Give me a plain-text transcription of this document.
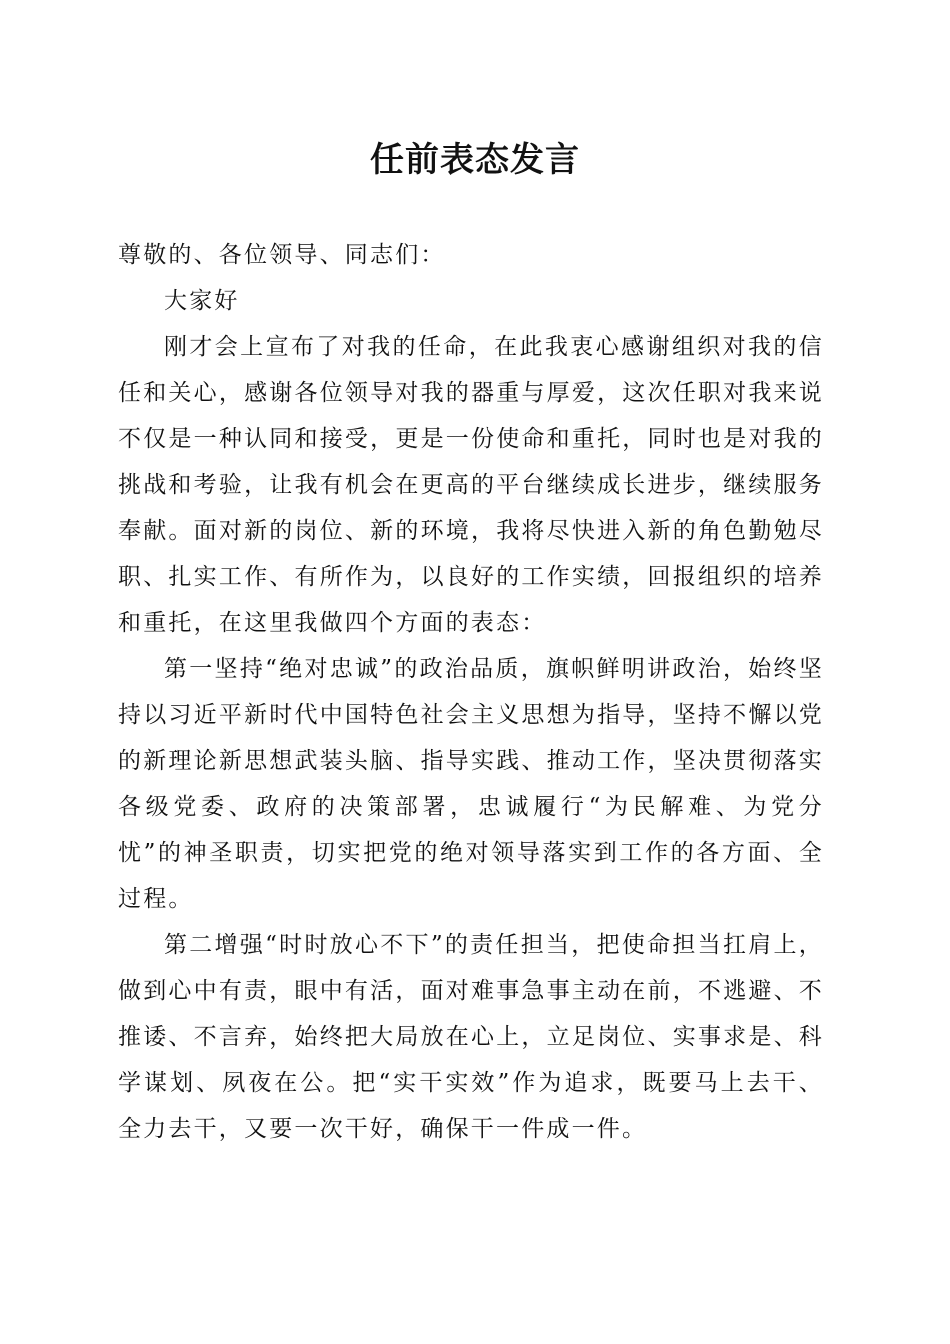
任前表态发言

尊敬的、各位领导、同志们：

大家好

刚才会上宣布了对我的任命，在此我衷心感谢组织对我的信任和关心，感谢各位领导对我的器重与厚爱，这次任职对我来说不仅是一种认同和接受，更是一份使命和重托，同时也是对我的挑战和考验，让我有机会在更高的平台继续成长进步，继续服务奉献。面对新的岗位、新的环境，我将尽快进入新的角色勤勉尽职、扎实工作、有所作为，以良好的工作实绩，回报组织的培养和重托，在这里我做四个方面的表态：

第一坚持“绝对忠诚”的政治品质，旗帜鲜明讲政治，始终坚持以习近平新时代中国特色社会主义思想为指导，坚持不懈以党的新理论新思想武装头脑、指导实践、推动工作，坚决贯彻落实各级党委、政府的决策部署，忠诚履行“为民解难、为党分忧”的神圣职责，切实把党的绝对领导落实到工作的各方面、全过程。

第二增强“时时放心不下”的责任担当，把使命担当扛肩上，做到心中有责，眼中有活，面对难事急事主动在前，不逃避、不推诿、不言弃，始终把大局放在心上，立足岗位、实事求是、科学谋划、夙夜在公。把“实干实效”作为追求，既要马上去干、全力去干，又要一次干好，确保干一件成一件。
